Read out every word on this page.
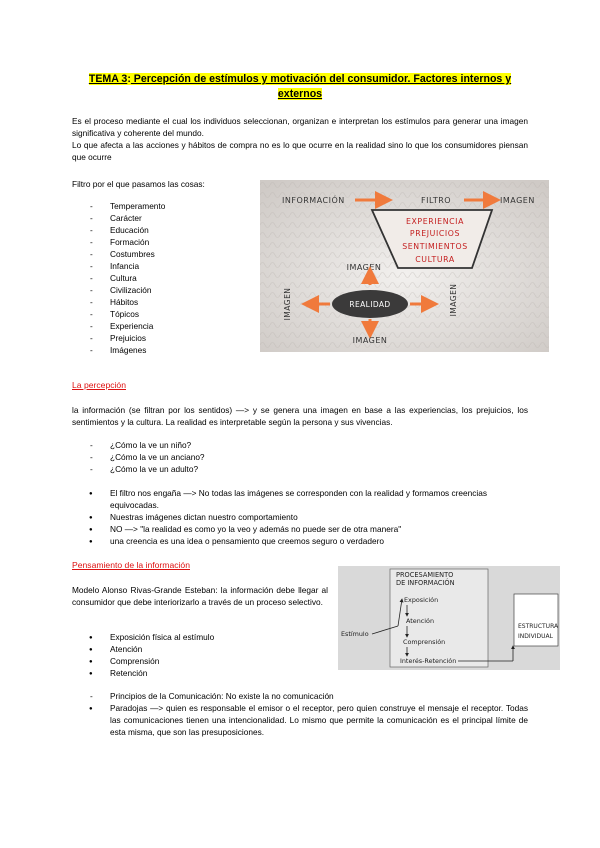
TEMA 3: Percepción de estímulos y motivación del consumidor. Factores internos y externos
Es el proceso mediante el cual los individuos seleccionan, organizan e interpretan los estímulos para generar una imagen significativa y coherente del mundo.
Lo que afecta a las acciones y hábitos de compra no es lo que ocurre en la realidad sino lo que los consumidores piensan que ocurre
Filtro por el que pasamos las cosas:
- Temperamento
- Carácter
- Educación
- Formación
- Costumbres
- Infancia
- Cultura
- Civilización
- Hábitos
- Tópicos
- Experiencia
- Prejuicios
- Imágenes
INFORMACIÓN	FILTRO	IMAGEN
EXPERIENCIA
PREJUICIOS
SENTIMIENTOS
CULTURA
IMAGEN
REALIDAD
IMAGEN	IMAGEN
IMAGEN
La percepción
la información (se filtran por los sentidos) —> y se genera una imagen en base a las experiencias, los prejuicios, los sentimientos y la cultura. La realidad es interpretable según la persona y sus vivencias.
- ¿Cómo la ve un niño?
- ¿Cómo la ve un anciano?
- ¿Cómo la ve un adulto?
● El filtro nos engaña —> No todas las imágenes se corresponden con la realidad y formamos creencias equivocadas.
● Nuestras imágenes dictan nuestro comportamiento
● NO —> "la realidad es como yo la veo y además no puede ser de otra manera"
● una creencia es una idea o pensamiento que creemos seguro o verdadero
Pensamiento de la información
Modelo Alonso Rivas-Grande Esteban: la información debe llegar al consumidor que debe interiorizarlo a través de un proceso selectivo.
● Exposición física al estímulo
● Atención
● Comprensión
● Retención
PROCESAMIENTO
DE INFORMACIÓN
Exposición
Atención
Comprensión
Interés-Retención
Estímulo
ESTRUCTURA
INDIVIDUAL
- Principios de la Comunicación: No existe la no comunicación
● Paradojas —> quien es responsable el emisor o el receptor, pero quien construye el mensaje el receptor. Todas las comunicaciones tienen una intencionalidad. Lo mismo que permite la comunicación es el principal límite de esta misma, que son las presuposiciones.
